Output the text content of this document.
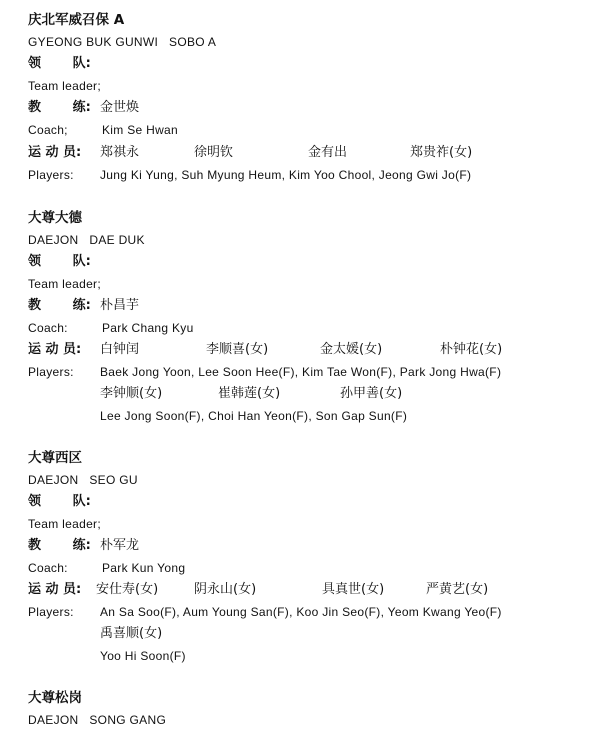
庆北军威召保 A
GYEONG BUK GUNWI   SOBO A
领       队:
Team leader;
教       练: 金世焕
Coach;	Kim Se Hwan
运 动 员: 郑祺永	徐明钦	金有出	郑贵祚(女)
Players: Jung Ki Yung, Suh Myung Heum, Kim Yoo Chool, Jeong Gwi Jo(F)
大尊大德
DAEJON   DAE DUK
领       队:
Team leader;
教       练: 朴昌芋
Coach:	Park Chang Kyu
运 动 员: 白钟闰	李顺喜(女)	金太媛(女)	朴钟花(女)
Players: Baek Jong Yoon, Lee Soon Hee(F), Kim Tae Won(F), Park Jong Hwa(F)
李钟顺(女)	崔韩莲(女)	孙甲善(女)
Lee Jong Soon(F), Choi Han Yeon(F), Son Gap Sun(F)
大尊西区
DAEJON   SEO GU
领       队:
Team leader;
教       练: 朴军龙
Coach:	Park Kun Yong
运 动 员: 安仕寿(女)	阴永山(女)	具真世(女)	严黄艺(女)
Players: An Sa Soo(F), Aum Young San(F), Koo Jin Seo(F), Yeom Kwang Yeo(F)
禹喜顺(女)
Yoo Hi Soon(F)
大尊松岗
DAEJON   SONG GANG
